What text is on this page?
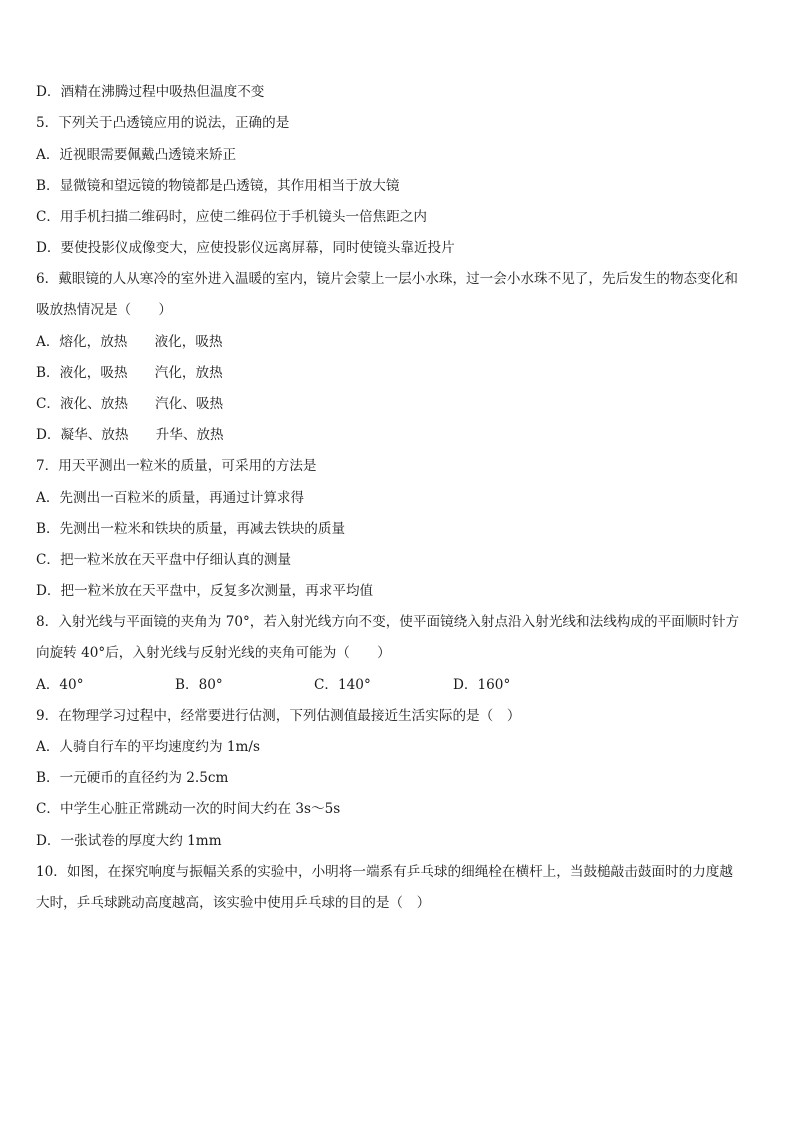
D．酒精在沸腾过程中吸热但温度不变
5．下列关于凸透镜应用的说法，正确的是
A．近视眼需要佩戴凸透镜来矫正
B．显微镜和望远镜的物镜都是凸透镜，其作用相当于放大镜
C．用手机扫描二维码时，应使二维码位于手机镜头一倍焦距之内
D．要使投影仪成像变大，应使投影仪远离屏幕，同时使镜头靠近投片
6．戴眼镜的人从寒冷的室外进入温暖的室内，镜片会蒙上一层小水珠，过一会小水珠不见了，先后发生的物态变化和
吸放热情况是（　　）
A．熔化，放热　　液化，吸热
B．液化，吸热　　汽化，放热
C．液化、放热　　汽化、吸热
D．凝华、放热　　升华、放热
7．用天平测出一粒米的质量，可采用的方法是
A．先测出一百粒米的质量，再通过计算求得
B．先测出一粒米和铁块的质量，再减去铁块的质量
C．把一粒米放在天平盘中仔细认真的测量
D．把一粒米放在天平盘中，反复多次测量，再求平均值
8．入射光线与平面镜的夹角为 70°，若入射光线方向不变，使平面镜绕入射点沿入射光线和法线构成的平面顺时针方
向旋转 40°后，入射光线与反射光线的夹角可能为（　　）
A．40°	B．80°	C．140°	D．160°
9．在物理学习过程中，经常要进行估测，下列估测值最接近生活实际的是（　）
A．人骑自行车的平均速度约为 1m/s
B．一元硬币的直径约为 2.5cm
C．中学生心脏正常跳动一次的时间大约在 3s～5s
D．一张试卷的厚度大约 1mm
10．如图，在探究响度与振幅关系的实验中，小明将一端系有乒乓球的细绳栓在横杆上，当鼓槌敲击鼓面时的力度越
大时，乒乓球跳动高度越高，该实验中使用乒乓球的目的是（　）
